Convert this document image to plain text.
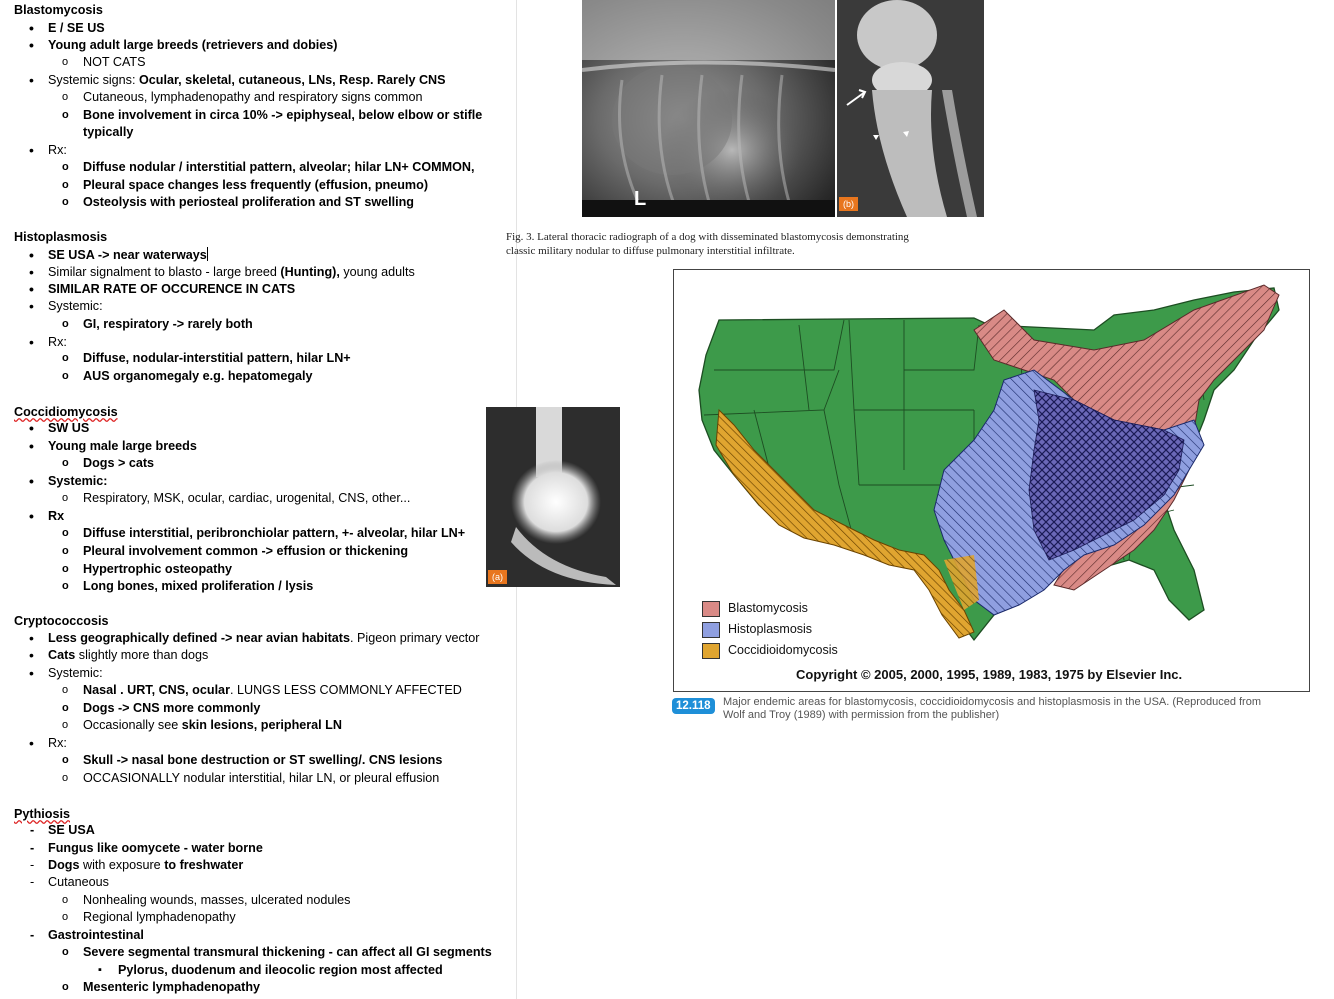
Blastomycosis
• E / SE US
• Young adult large breeds (retrievers and dobies)
o NOT CATS
• Systemic signs: Ocular, skeletal, cutaneous, LNs, Resp. Rarely CNS
o Cutaneous, lymphadenopathy and respiratory signs common
o Bone involvement in circa 10% -> epiphyseal, below elbow or stifle
typically
• Rx:
o Diffuse nodular / interstitial pattern, alveolar; hilar LN+ COMMON,
o Pleural space changes less frequently (effusion, pneumo)
o Osteolysis with periosteal proliferation and ST swelling
Histoplasmosis
• SE USA -> near waterways
• Similar signalment to blasto - large breed (Hunting), young adults
• SIMILAR RATE OF OCCURENCE IN CATS
• Systemic:
o GI, respiratory -> rarely both
• Rx:
o Diffuse, nodular-interstitial pattern, hilar LN+
o AUS organomegaly e.g. hepatomegaly
Coccidiomycosis
• SW US
• Young male large breeds
o Dogs > cats
• Systemic:
o Respiratory, MSK, ocular, cardiac, urogenital, CNS, other...
• Rx
o Diffuse interstitial, peribronchiolar pattern, +- alveolar, hilar LN+
o Pleural involvement common -> effusion or thickening
o Hypertrophic osteopathy
o Long bones, mixed proliferation / lysis
Cryptococcosis
• Less geographically defined -> near avian habitats. Pigeon primary vector
• Cats slightly more than dogs
• Systemic:
o Nasal . URT, CNS, ocular. LUNGS LESS COMMONLY AFFECTED
o Dogs -> CNS more commonly
o Occasionally see skin lesions, peripheral LN
• Rx:
o Skull -> nasal bone destruction or ST swelling/. CNS lesions
o OCCASIONALLY nodular interstitial, hilar LN, or pleural effusion
Pythiosis
- SE USA
- Fungus like oomycete - water borne
- Dogs with exposure to freshwater
- Cutaneous
o Nonhealing wounds, masses, ulcerated nodules
o Regional lymphadenopathy
- Gastrointestinal
o Severe segmental transmural thickening - can affect all GI segments
▪ Pylorus, duodenum and ileocolic region most affected
o Mesenteric lymphadenopathy
L	(b)
Fig. 3. Lateral thoracic radiograph of a dog with disseminated blastomycosis demonstrating
classic military nodular to diffuse pulmonary interstitial infiltrate.
(a)
Blastomycosis
Histoplasmosis
Coccidioidomycosis
Copyright © 2005, 2000, 1995, 1989, 1983, 1975 by Elsevier Inc.
12.118	Major endemic areas for blastomycosis, coccidioidomycosis and histoplasmosis in the USA. (Reproduced from
Wolf and Troy (1989) with permission from the publisher)
